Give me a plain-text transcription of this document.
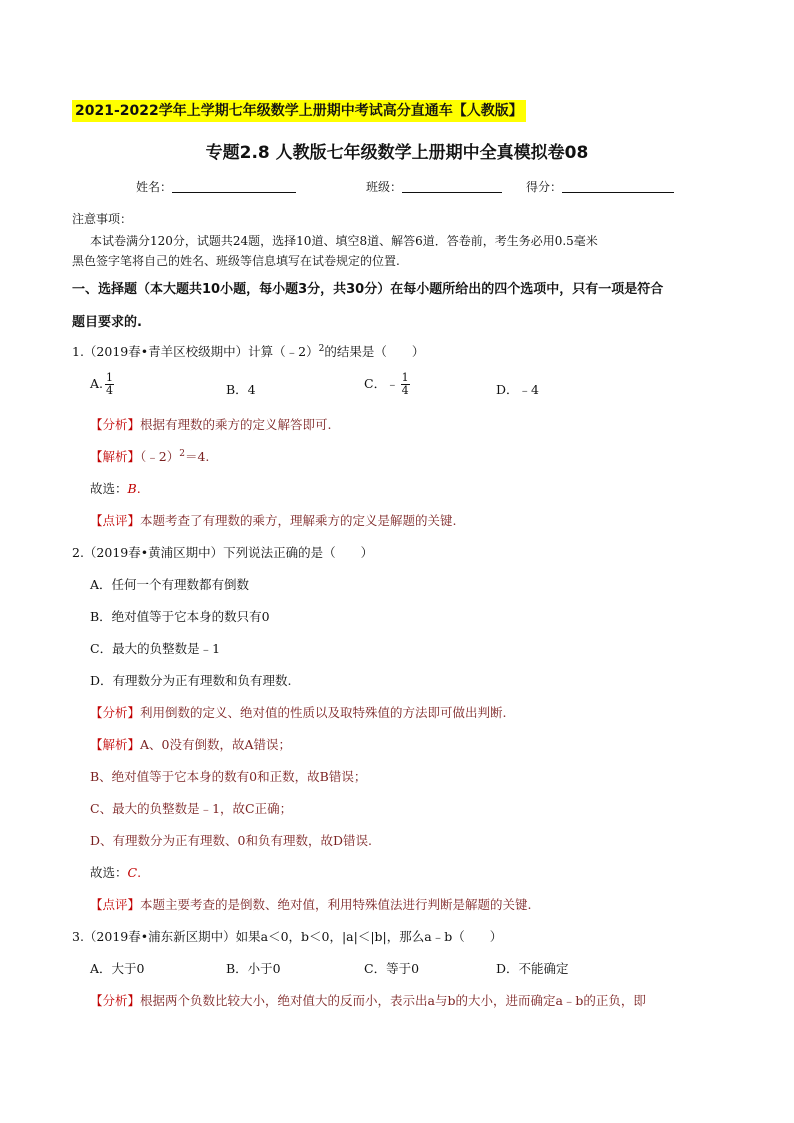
2021-2022学年上学期七年级数学上册期中考试高分直通车【人教版】
专题2.8 人教版七年级数学上册期中全真模拟卷08
姓名：	班级：	得分：
注意事项：
本试卷满分120分，试题共24题，选择10道、填空8道、解答6道．答卷前，考生务必用0.5毫米
黑色签字笔将自己的姓名、班级等信息填写在试卷规定的位置.
一、选择题（本大题共10小题，每小题3分，共30分）在每小题所给出的四个选项中，只有一项是符合
题目要求的.
1.（2019春•青羊区校级期中）计算（﹣2）$^2$的结果是（　　）
A. $\frac{1}{4}$	B．4	C．﹣ $\frac{1}{4}$	D．﹣4
【分析】根据有理数的乘方的定义解答即可.
【解析】（﹣2）$^2$＝4.
故选：B.
【点评】本题考查了有理数的乘方，理解乘方的定义是解题的关键.
2.（2019春•黄浦区期中）下列说法正确的是（　　）
A．任何一个有理数都有倒数
B．绝对值等于它本身的数只有0
C．最大的负整数是﹣1
D．有理数分为正有理数和负有理数.
【分析】利用倒数的定义、绝对值的性质以及取特殊值的方法即可做出判断.
【解析】A、0没有倒数，故A错误；
B、绝对值等于它本身的数有0和正数，故B错误；
C、最大的负整数是﹣1，故C正确；
D、有理数分为正有理数、0和负有理数，故D错误.
故选：C.
【点评】本题主要考查的是倒数、绝对值，利用特殊值法进行判断是解题的关键.
3.（2019春•浦东新区期中）如果a＜0，b＜0，|a|＜|b|，那么a﹣b（　　）
A．大于0	B．小于0	C．等于0	D．不能确定
【分析】根据两个负数比较大小，绝对值大的反而小，表示出a与b的大小，进而确定a﹣b的正负，即
